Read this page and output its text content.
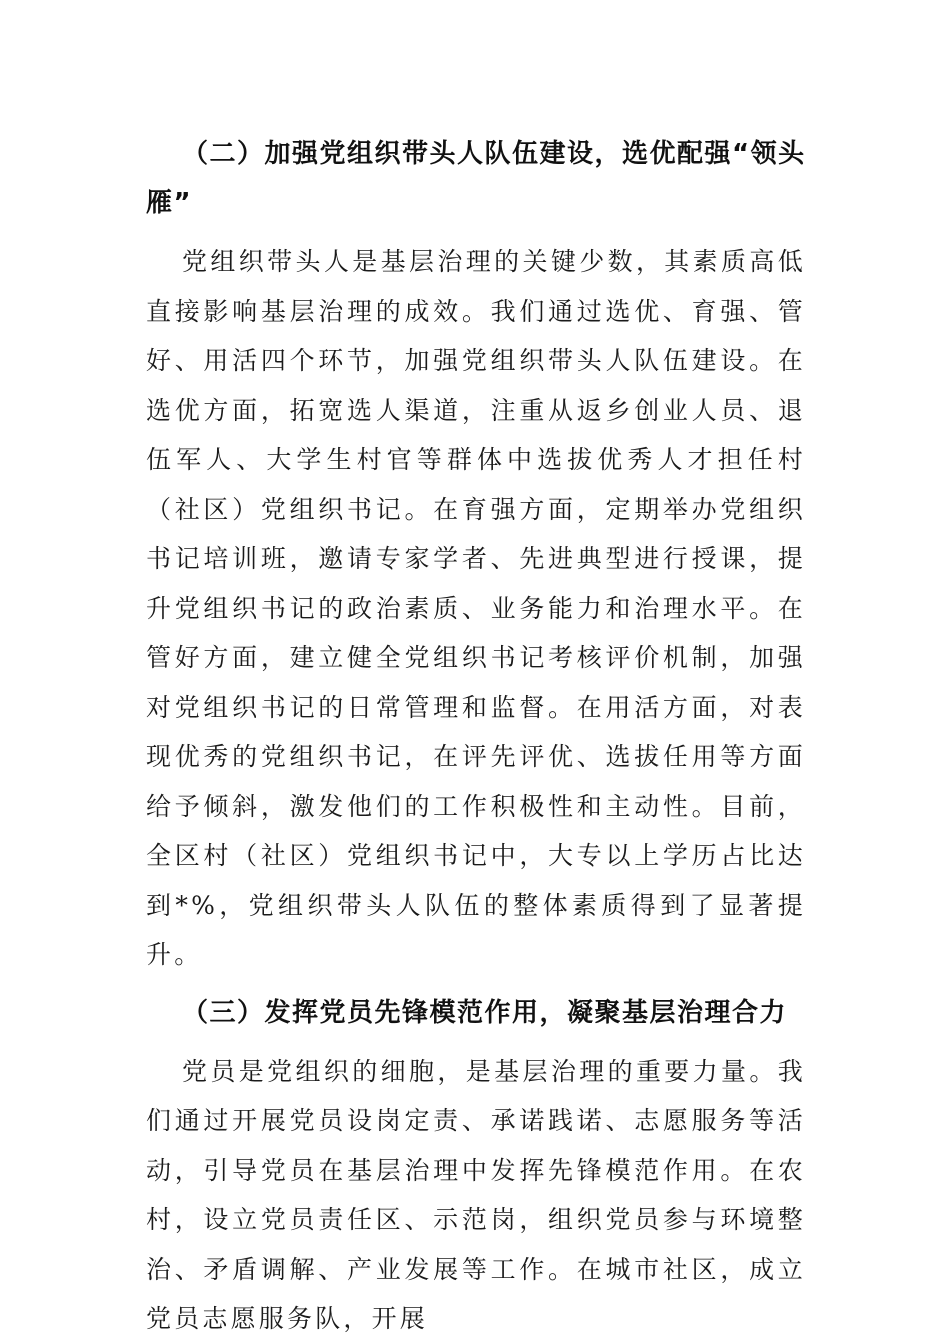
（二）加强党组织带头人队伍建设，选优配强“领头雁”

党组织带头人是基层治理的关键少数，其素质高低直接影响基层治理的成效。我们通过选优、育强、管好、用活四个环节，加强党组织带头人队伍建设。在选优方面，拓宽选人渠道，注重从返乡创业人员、退伍军人、大学生村官等群体中选拔优秀人才担任村（社区）党组织书记。在育强方面，定期举办党组织书记培训班，邀请专家学者、先进典型进行授课，提升党组织书记的政治素质、业务能力和治理水平。在管好方面，建立健全党组织书记考核评价机制，加强对党组织书记的日常管理和监督。在用活方面，对表现优秀的党组织书记，在评先评优、选拔任用等方面给予倾斜，激发他们的工作积极性和主动性。目前，全区村（社区）党组织书记中，大专以上学历占比达到*%，党组织带头人队伍的整体素质得到了显著提升。

（三）发挥党员先锋模范作用，凝聚基层治理合力

党员是党组织的细胞，是基层治理的重要力量。我们通过开展党员设岗定责、承诺践诺、志愿服务等活动，引导党员在基层治理中发挥先锋模范作用。在农村，设立党员责任区、示范岗，组织党员参与环境整治、矛盾调解、产业发展等工作。在城市社区，成立党员志愿服务队，开展
